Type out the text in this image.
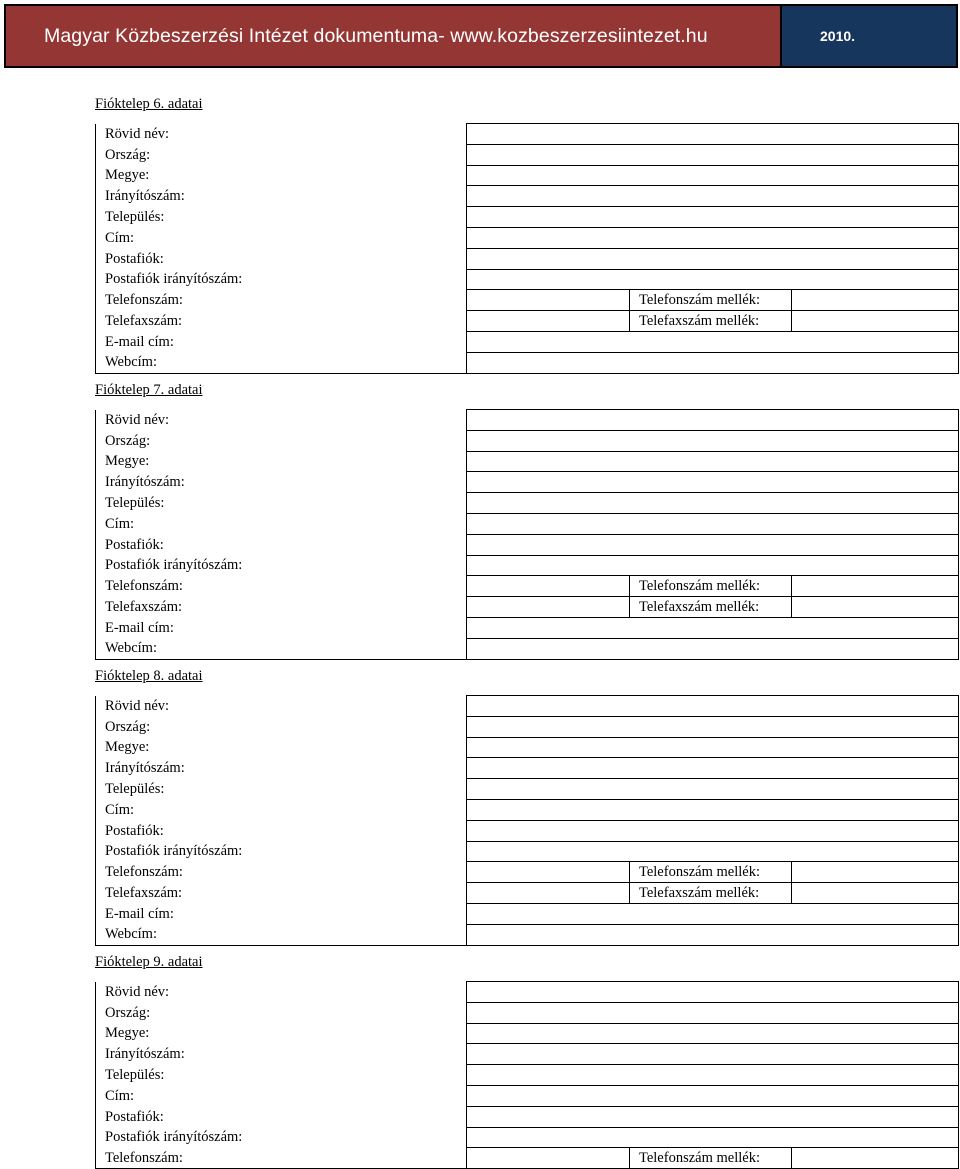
Magyar Közbeszerzési Intézet dokumentuma- www.kozbeszerzesiintezet.hu	2010.
Fióktelep 6. adatai
Rövid név:			
Ország:			
Megye:			
Irányítószám:			
Település:			
Cím:			
Postafiók:			
Postafiók irányítószám:			
Telefonszám:		Telefonszám mellék:	
Telefaxszám:		Telefaxszám mellék:	
E-mail cím:			
Webcím:			
Fióktelep 7. adatai
Rövid név:			
Ország:			
Megye:			
Irányítószám:			
Település:			
Cím:			
Postafiók:			
Postafiók irányítószám:			
Telefonszám:		Telefonszám mellék:	
Telefaxszám:		Telefaxszám mellék:	
E-mail cím:			
Webcím:			
Fióktelep 8. adatai
Rövid név:			
Ország:			
Megye:			
Irányítószám:			
Település:			
Cím:			
Postafiók:			
Postafiók irányítószám:			
Telefonszám:		Telefonszám mellék:	
Telefaxszám:		Telefaxszám mellék:	
E-mail cím:			
Webcím:			
Fióktelep 9. adatai
Rövid név:			
Ország:			
Megye:			
Irányítószám:			
Település:			
Cím:			
Postafiók:			
Postafiók irányítószám:			
Telefonszám:		Telefonszám mellék:	
